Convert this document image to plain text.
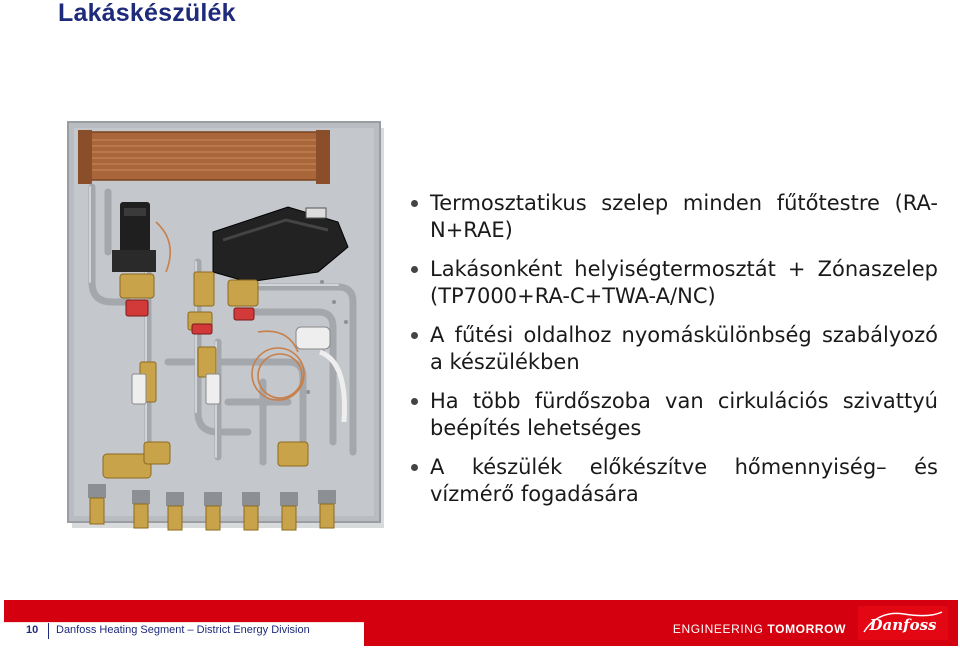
Lakáskészülék
Termosztatikus szelep minden fűtőtestre (RA-N+RAE)
Lakásonként helyiségtermosztát + Zónaszelep (TP7000+RA-C+TWA-A/NC)
A fűtési oldalhoz nyomáskülönbség szabályozó a készülékben
Ha több fürdőszoba van cirkulációs szivattyú beépítés lehetséges
A készülék előkészítve hőmennyiség– és vízmérő fogadására
10 Danfoss Heating Segment – District Energy Division	ENGINEERING TOMORROW Danfoss
